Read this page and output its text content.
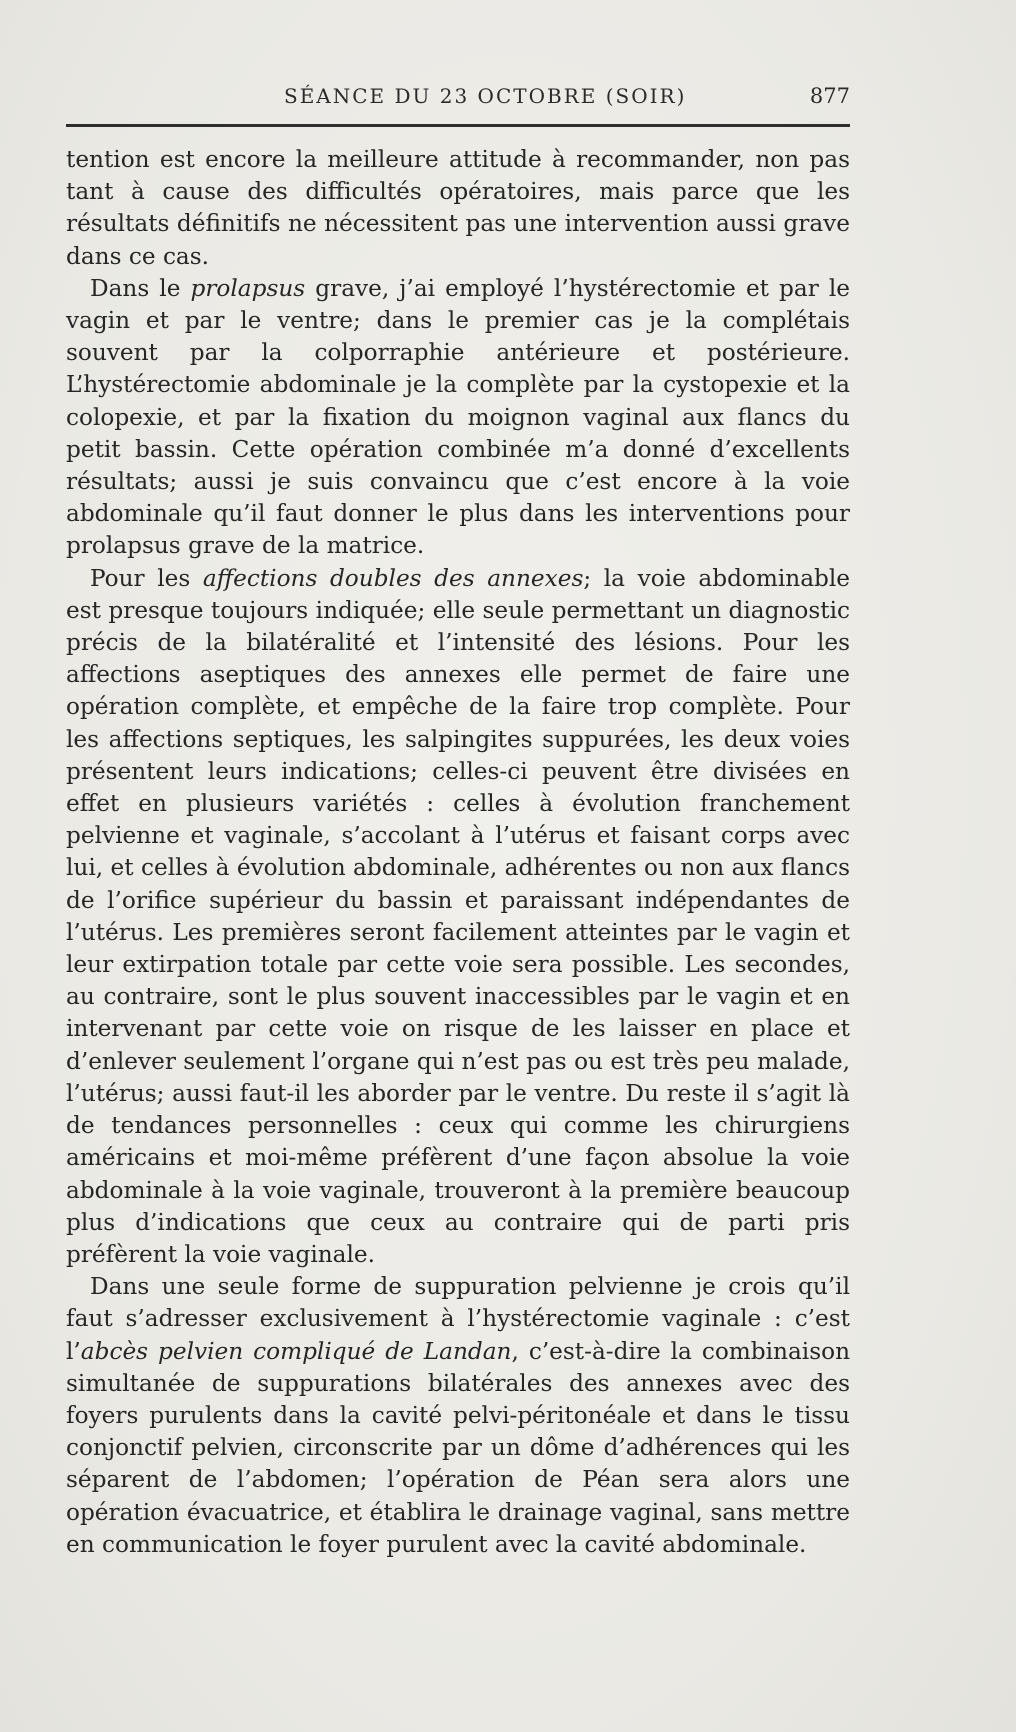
SÉANCE DU 23 OCTOBRE (SOIR)	877

tention est encore la meilleure attitude à recommander, non pas tant à cause des difficultés opératoires, mais parce que les résultats définitifs ne nécessitent pas une intervention aussi grave dans ce cas.

Dans le prolapsus grave, j’ai employé l’hystérectomie et par le vagin et par le ventre; dans le premier cas je la complétais souvent par la colporraphie antérieure et postérieure. L’hystérectomie abdominale je la complète par la cystopexie et la colopexie, et par la fixation du moignon vaginal aux flancs du petit bassin. Cette opération combinée m’a donné d’excellents résultats; aussi je suis convaincu que c’est encore à la voie abdominale qu’il faut donner le plus dans les interventions pour prolapsus grave de la matrice.

Pour les affections doubles des annexes; la voie abdominable est presque toujours indiquée; elle seule permettant un diagnostic précis de la bilatéralité et l’intensité des lésions. Pour les affections aseptiques des annexes elle permet de faire une opération complète, et empêche de la faire trop complète. Pour les affections septiques, les salpingites suppurées, les deux voies présentent leurs indications; celles-ci peuvent être divisées en effet en plusieurs variétés : celles à évolution franchement pelvienne et vaginale, s’accolant à l’utérus et faisant corps avec lui, et celles à évolution abdominale, adhérentes ou non aux flancs de l’orifice supérieur du bassin et paraissant indépendantes de l’utérus. Les premières seront facilement atteintes par le vagin et leur extirpation totale par cette voie sera possible. Les secondes, au contraire, sont le plus souvent inaccessibles par le vagin et en intervenant par cette voie on risque de les laisser en place et d’enlever seulement l’organe qui n’est pas ou est très peu malade, l’utérus; aussi faut-il les aborder par le ventre. Du reste il s’agit là de tendances personnelles : ceux qui comme les chirurgiens américains et moi-même préfèrent d’une façon absolue la voie abdominale à la voie vaginale, trouveront à la première beaucoup plus d’indications que ceux au contraire qui de parti pris préfèrent la voie vaginale.

Dans une seule forme de suppuration pelvienne je crois qu’il faut s’adresser exclusivement à l’hystérectomie vaginale : c’est l’abcès pelvien compliqué de Landan, c’est-à-dire la combinaison simultanée de suppurations bilatérales des annexes avec des foyers purulents dans la cavité pelvi-péritonéale et dans le tissu conjonctif pelvien, circonscrite par un dôme d’adhérences qui les séparent de l’abdomen; l’opération de Péan sera alors une opération évacuatrice, et établira le drainage vaginal, sans mettre en communication le foyer purulent avec la cavité abdominale.
